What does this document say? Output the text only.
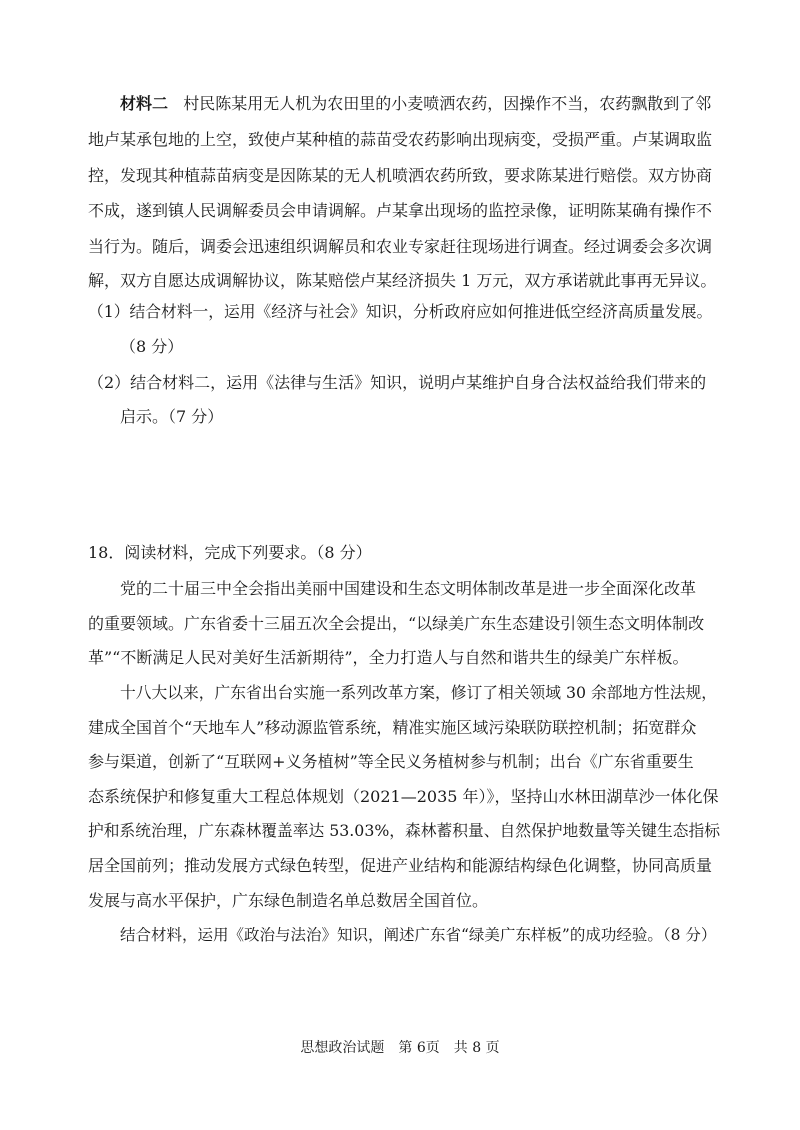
材料二 村民陈某用无人机为农田里的小麦喷洒农药，因操作不当，农药飘散到了邻
地卢某承包地的上空，致使卢某种植的蒜苗受农药影响出现病变，受损严重。卢某调取监
控，发现其种植蒜苗病变是因陈某的无人机喷洒农药所致，要求陈某进行赔偿。双方协商
不成，遂到镇人民调解委员会申请调解。卢某拿出现场的监控录像，证明陈某确有操作不
当行为。随后，调委会迅速组织调解员和农业专家赶往现场进行调查。经过调委会多次调
解，双方自愿达成调解协议，陈某赔偿卢某经济损失 1 万元，双方承诺就此事再无异议。
（1）结合材料一，运用《经济与社会》知识，分析政府应如何推进低空经济高质量发展。
（8 分）
（2）结合材料二，运用《法律与生活》知识，说明卢某维护自身合法权益给我们带来的
启示。（7 分）
18．阅读材料，完成下列要求。（8 分）
党的二十届三中全会指出美丽中国建设和生态文明体制改革是进一步全面深化改革
的重要领域。广东省委十三届五次全会提出，“以绿美广东生态建设引领生态文明体制改
革”“不断满足人民对美好生活新期待”，全力打造人与自然和谐共生的绿美广东样板。
十八大以来，广东省出台实施一系列改革方案，修订了相关领域 30 余部地方性法规，
建成全国首个“天地车人”移动源监管系统，精准实施区域污染联防联控机制；拓宽群众
参与渠道，创新了“互联网+义务植树”等全民义务植树参与机制；出台《广东省重要生
态系统保护和修复重大工程总体规划（2021—2035 年）》，坚持山水林田湖草沙一体化保
护和系统治理，广东森林覆盖率达 53.03%，森林蓄积量、自然保护地数量等关键生态指标
居全国前列；推动发展方式绿色转型，促进产业结构和能源结构绿色化调整，协同高质量
发展与高水平保护，广东绿色制造名单总数居全国首位。
结合材料，运用《政治与法治》知识，阐述广东省“绿美广东样板”的成功经验。（8 分）
思想政治试题　第 6页　共 8 页
